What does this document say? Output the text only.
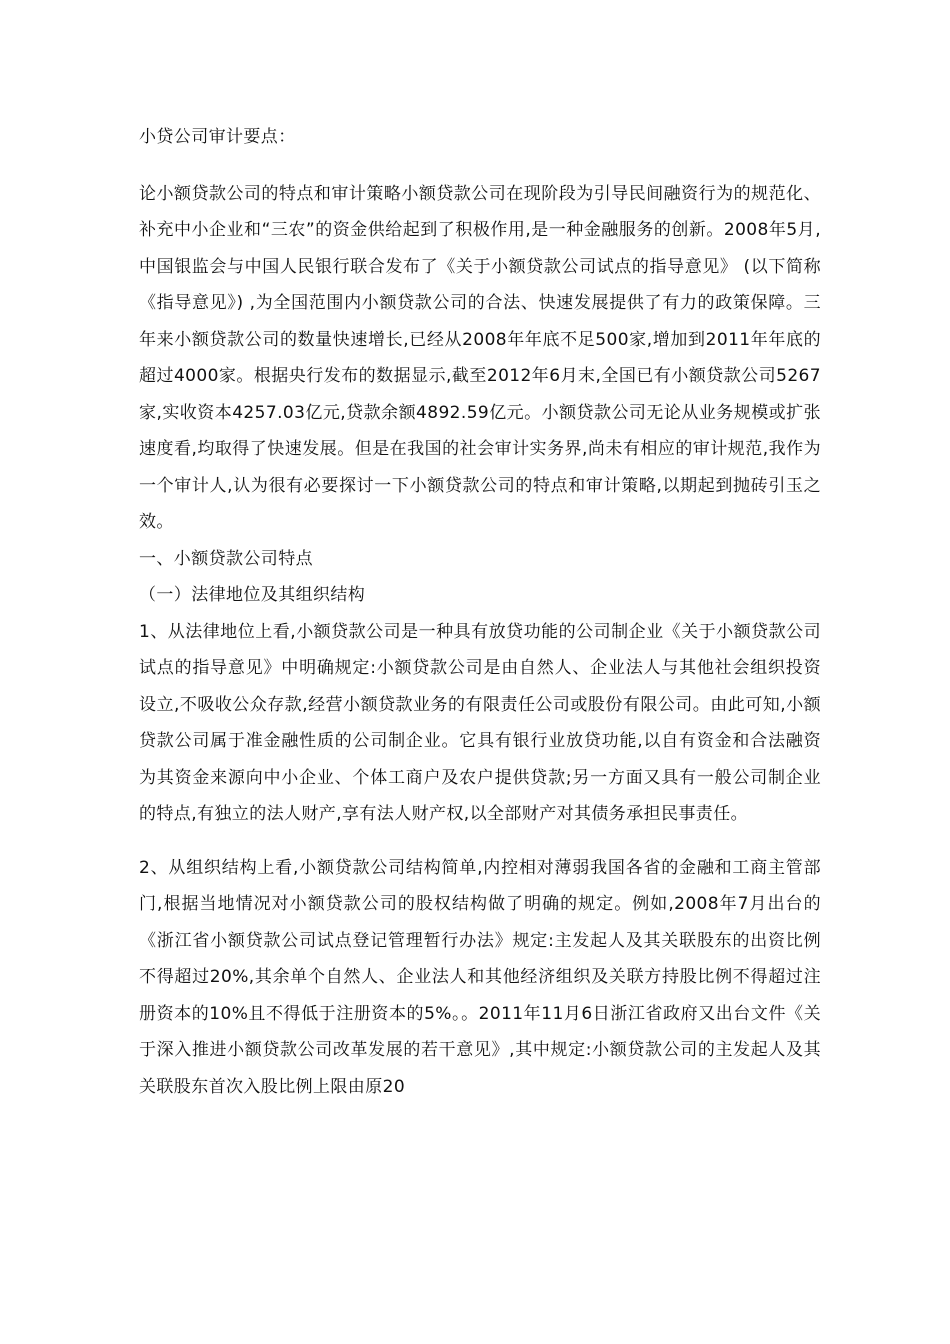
小贷公司审计要点：

论小额贷款公司的特点和审计策略小额贷款公司在现阶段为引导民间融资行为的规范化、补充中小企业和“三农”的资金供给起到了积极作用,是一种金融服务的创新。2008年5月,中国银监会与中国人民银行联合发布了《关于小额贷款公司试点的指导意见》 (以下简称《指导意见》) ,为全国范围内小额贷款公司的合法、快速发展提供了有力的政策保障。三年来小额贷款公司的数量快速增长,已经从2008年年底不足500家,增加到2011年年底的超过4000家。根据央行发布的数据显示,截至2012年6月末,全国已有小额贷款公司5267家,实收资本4257.03亿元,贷款余额4892.59亿元。小额贷款公司无论从业务规模或扩张速度看,均取得了快速发展。但是在我国的社会审计实务界,尚未有相应的审计规范,我作为一个审计人,认为很有必要探讨一下小额贷款公司的特点和审计策略,以期起到抛砖引玉之效。

一、小额贷款公司特点

（一）法律地位及其组织结构

1、从法律地位上看,小额贷款公司是一种具有放贷功能的公司制企业《关于小额贷款公司试点的指导意见》中明确规定:小额贷款公司是由自然人、企业法人与其他社会组织投资设立,不吸收公众存款,经营小额贷款业务的有限责任公司或股份有限公司。由此可知,小额贷款公司属于准金融性质的公司制企业。它具有银行业放贷功能,以自有资金和合法融资为其资金来源向中小企业、个体工商户及农户提供贷款;另一方面又具有一般公司制企业的特点,有独立的法人财产,享有法人财产权,以全部财产对其债务承担民事责任。

2、从组织结构上看,小额贷款公司结构简单,内控相对薄弱我国各省的金融和工商主管部门,根据当地情况对小额贷款公司的股权结构做了明确的规定。例如,2008年7月出台的《浙江省小额贷款公司试点登记管理暂行办法》规定:主发起人及其关联股东的出资比例不得超过20%,其余单个自然人、企业法人和其他经济组织及关联方持股比例不得超过注册资本的10%且不得低于注册资本的5%。。2011年11月6日浙江省政府又出台文件《关于深入推进小额贷款公司改革发展的若干意见》,其中规定:小额贷款公司的主发起人及其关联股东首次入股比例上限由原20
